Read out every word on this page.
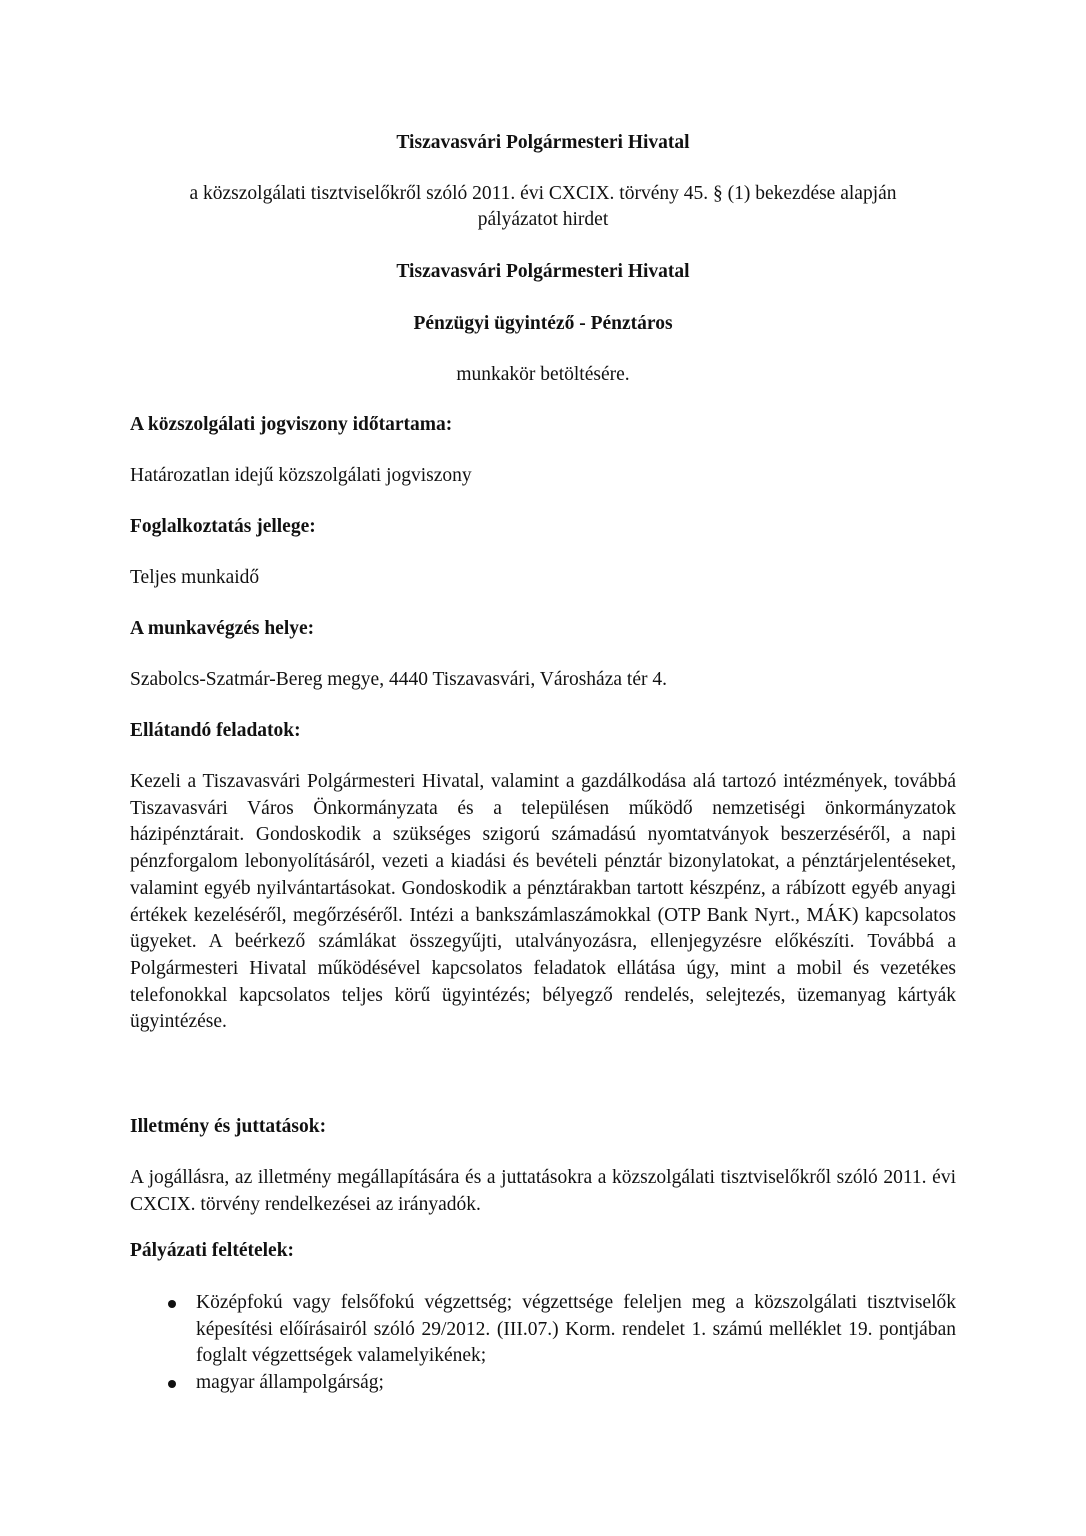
Tiszavasvári Polgármesteri Hivatal
a közszolgálati tisztviselőkről szóló 2011. évi CXCIX. törvény 45. § (1) bekezdése alapján
pályázatot hirdet
Tiszavasvári Polgármesteri Hivatal
Pénzügyi ügyintéző - Pénztáros
munkakör betöltésére.
A közszolgálati jogviszony időtartama:
Határozatlan idejű közszolgálati jogviszony
Foglalkoztatás jellege:
Teljes munkaidő
A munkavégzés helye:
Szabolcs-Szatmár-Bereg megye, 4440 Tiszavasvári, Városháza tér 4.
Ellátandó feladatok:
Kezeli a Tiszavasvári Polgármesteri Hivatal, valamint a gazdálkodása alá tartozó intézmények, továbbá Tiszavasvári Város Önkormányzata és a településen működő nemzetiségi önkormányzatok házipénztárait. Gondoskodik a szükséges szigorú számadású nyomtatványok beszerzéséről, a napi pénzforgalom lebonyolításáról, vezeti a kiadási és bevételi pénztár bizonylatokat, a pénztárjelentéseket, valamint egyéb nyilvántartásokat. Gondoskodik a pénztárakban tartott készpénz, a rábízott egyéb anyagi értékek kezeléséről, megőrzéséről. Intézi a bankszámlaszámokkal (OTP Bank Nyrt., MÁK) kapcsolatos ügyeket. A beérkező számlákat összegyűjti, utalványozásra, ellenjegyzésre előkészíti. Továbbá a Polgármesteri Hivatal működésével kapcsolatos feladatok ellátása úgy, mint a mobil és vezetékes telefonokkal kapcsolatos teljes körű ügyintézés; bélyegző rendelés, selejtezés, üzemanyag kártyák ügyintézése.
Illetmény és juttatások:
A jogállásra, az illetmény megállapítására és a juttatásokra a közszolgálati tisztviselőkről szóló 2011. évi CXCIX. törvény rendelkezései az irányadók.
Pályázati feltételek:
Középfokú vagy felsőfokú végzettség; végzettsége feleljen meg a közszolgálati tisztviselők képesítési előírásairól szóló 29/2012. (III.07.) Korm. rendelet 1. számú melléklet 19. pontjában foglalt végzettségek valamelyikének;
magyar állampolgárság;
